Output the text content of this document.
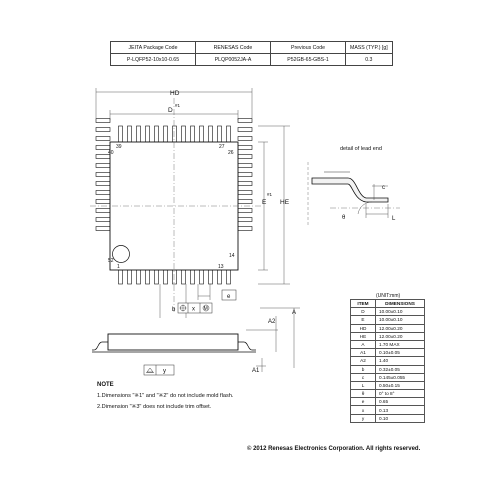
JEITA Package Code	RENESAS Code	Previous Code	MASS (TYP.) [g]
P-LQFP52-10x10-0.65	PLQP0052JA-A	P52GB-65-GBS-1	0.3
HD
#1
D
#1
E HE
39	27
40	26
52
1	13
14
e
b	x M
y
A
A2
A1
detail of lead end
c
θ	L
(UNIT:mm)
ITEM	DIMENSIONS
D	10.00±0.10
E	10.00±0.10
HD	12.00±0.20
HE	12.00±0.20
A	1.70 MAX
A1	0.10±0.05
A2	1.40
b	0.32±0.05
c	0.145±0.055
L	0.50±0.15
θ	0° to 8°
e	0.65
x	0.13
y	0.10
NOTE
1.Dimensions "※1" and "※2" do not include mold flash.
2.Dimension "※3" does not include trim offset.
© 2012 Renesas Electronics Corporation. All rights reserved.
